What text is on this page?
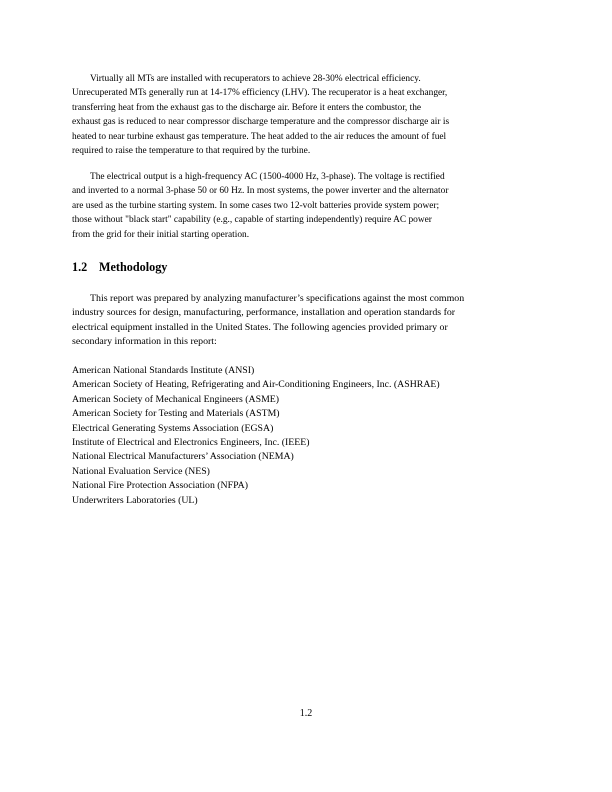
Virtually all MTs are installed with recuperators to achieve 28-30% electrical efficiency.
Unrecuperated MTs generally run at 14-17% efficiency (LHV). The recuperator is a heat exchanger,
transferring heat from the exhaust gas to the discharge air. Before it enters the combustor, the
exhaust gas is reduced to near compressor discharge temperature and the compressor discharge air is
heated to near turbine exhaust gas temperature. The heat added to the air reduces the amount of fuel
required to raise the temperature to that required by the turbine.
The electrical output is a high-frequency AC (1500-4000 Hz, 3-phase). The voltage is rectified
and inverted to a normal 3-phase 50 or 60 Hz. In most systems, the power inverter and the alternator
are used as the turbine starting system. In some cases two 12-volt batteries provide system power;
those without "black start" capability (e.g., capable of starting independently) require AC power
from the grid for their initial starting operation.
1.2 Methodology
This report was prepared by analyzing manufacturer’s specifications against the most common
industry sources for design, manufacturing, performance, installation and operation standards for
electrical equipment installed in the United States. The following agencies provided primary or
secondary information in this report:
American National Standards Institute (ANSI)
American Society of Heating, Refrigerating and Air-Conditioning Engineers, Inc. (ASHRAE)
American Society of Mechanical Engineers (ASME)
American Society for Testing and Materials (ASTM)
Electrical Generating Systems Association (EGSA)
Institute of Electrical and Electronics Engineers, Inc. (IEEE)
National Electrical Manufacturers’ Association (NEMA)
National Evaluation Service (NES)
National Fire Protection Association (NFPA)
Underwriters Laboratories (UL)
1.2
